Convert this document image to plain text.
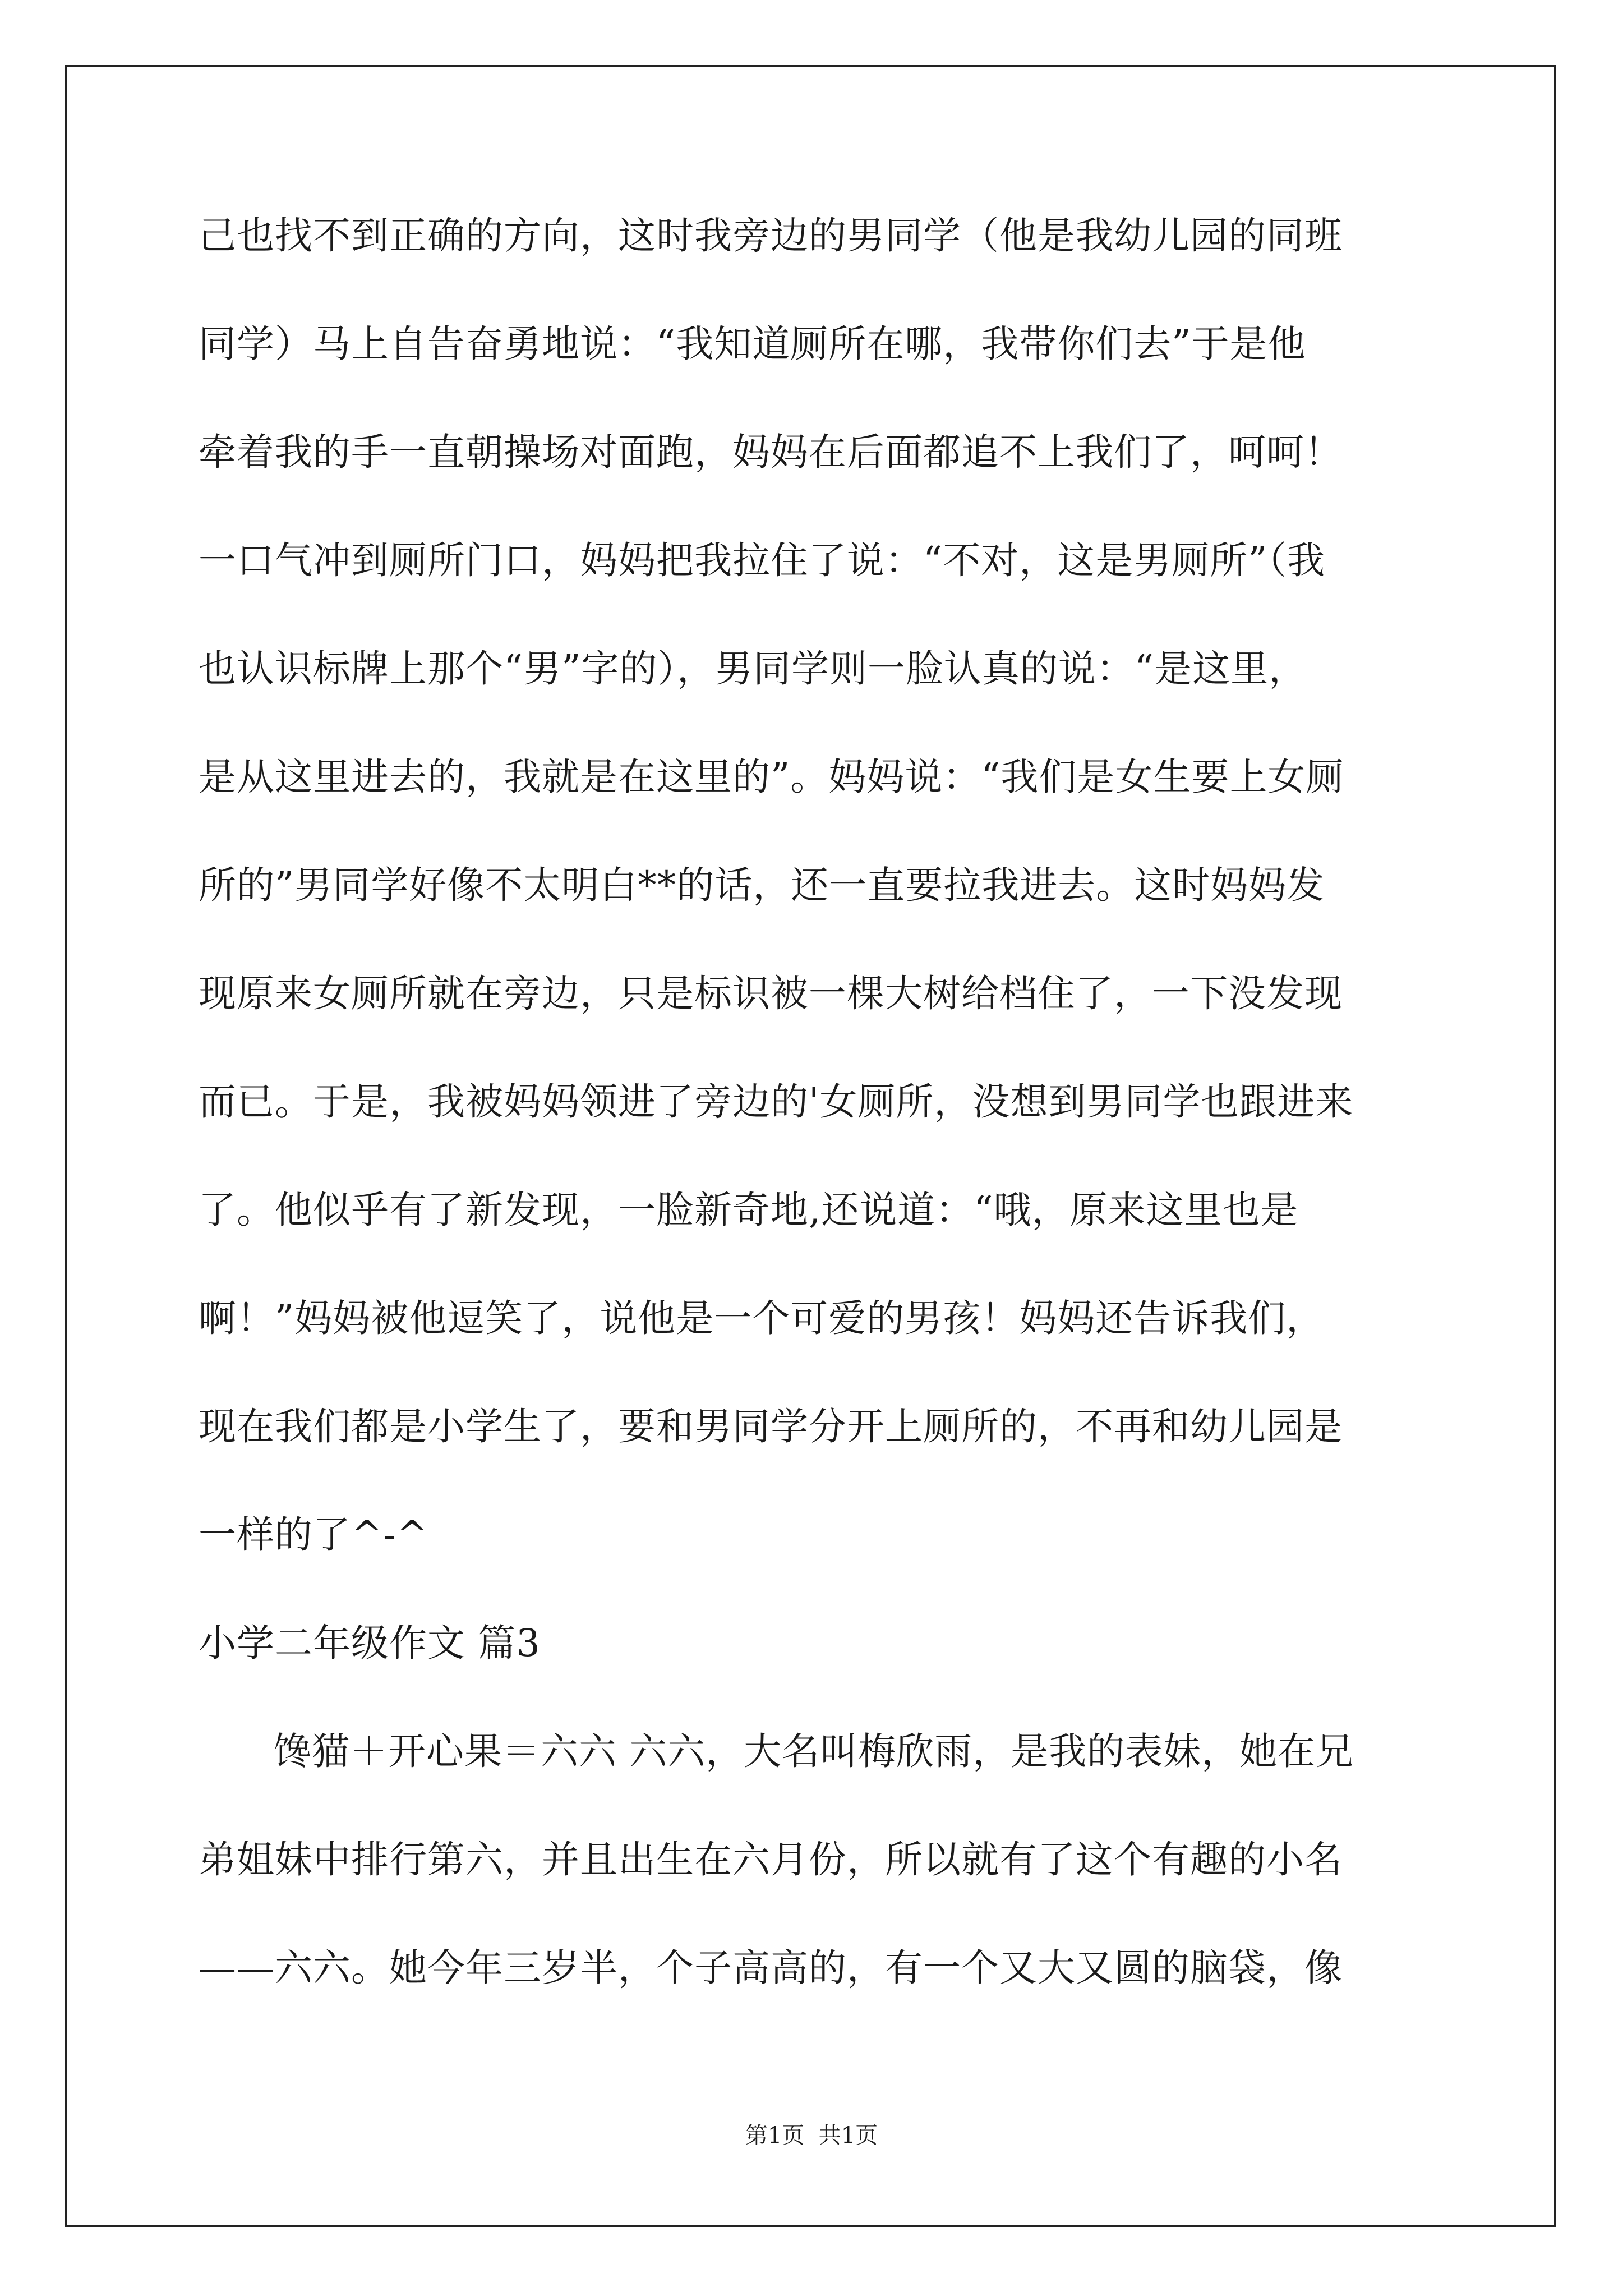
己也找不到正确的方向，这时我旁边的男同学（他是我幼儿园的同班
同学）马上自告奋勇地说：“我知道厕所在哪，我带你们去”于是他
牵着我的手一直朝操场对面跑，妈妈在后面都追不上我们了，呵呵！
一口气冲到厕所门口，妈妈把我拉住了说：“不对，这是男厕所”（我
也认识标牌上那个“男”字的），男同学则一脸认真的说：“是这里，
是从这里进去的，我就是在这里的”。妈妈说：“我们是女生要上女厕
所的”男同学好像不太明白**的话，还一直要拉我进去。这时妈妈发
现原来女厕所就在旁边，只是标识被一棵大树给档住了，一下没发现
而已。于是，我被妈妈领进了旁边的'女厕所，没想到男同学也跟进来
了。他似乎有了新发现，一脸新奇地,还说道：“哦，原来这里也是
啊！”妈妈被他逗笑了，说他是一个可爱的男孩！妈妈还告诉我们，
现在我们都是小学生了，要和男同学分开上厕所的，不再和幼儿园是
一样的了^-^
小学二年级作文 篇3
馋猫＋开心果＝六六 六六，大名叫梅欣雨，是我的表妹，她在兄
弟姐妹中排行第六，并且出生在六月份，所以就有了这个有趣的小名
——六六。她今年三岁半，个子高高的，有一个又大又圆的脑袋，像
第1页  共1页
